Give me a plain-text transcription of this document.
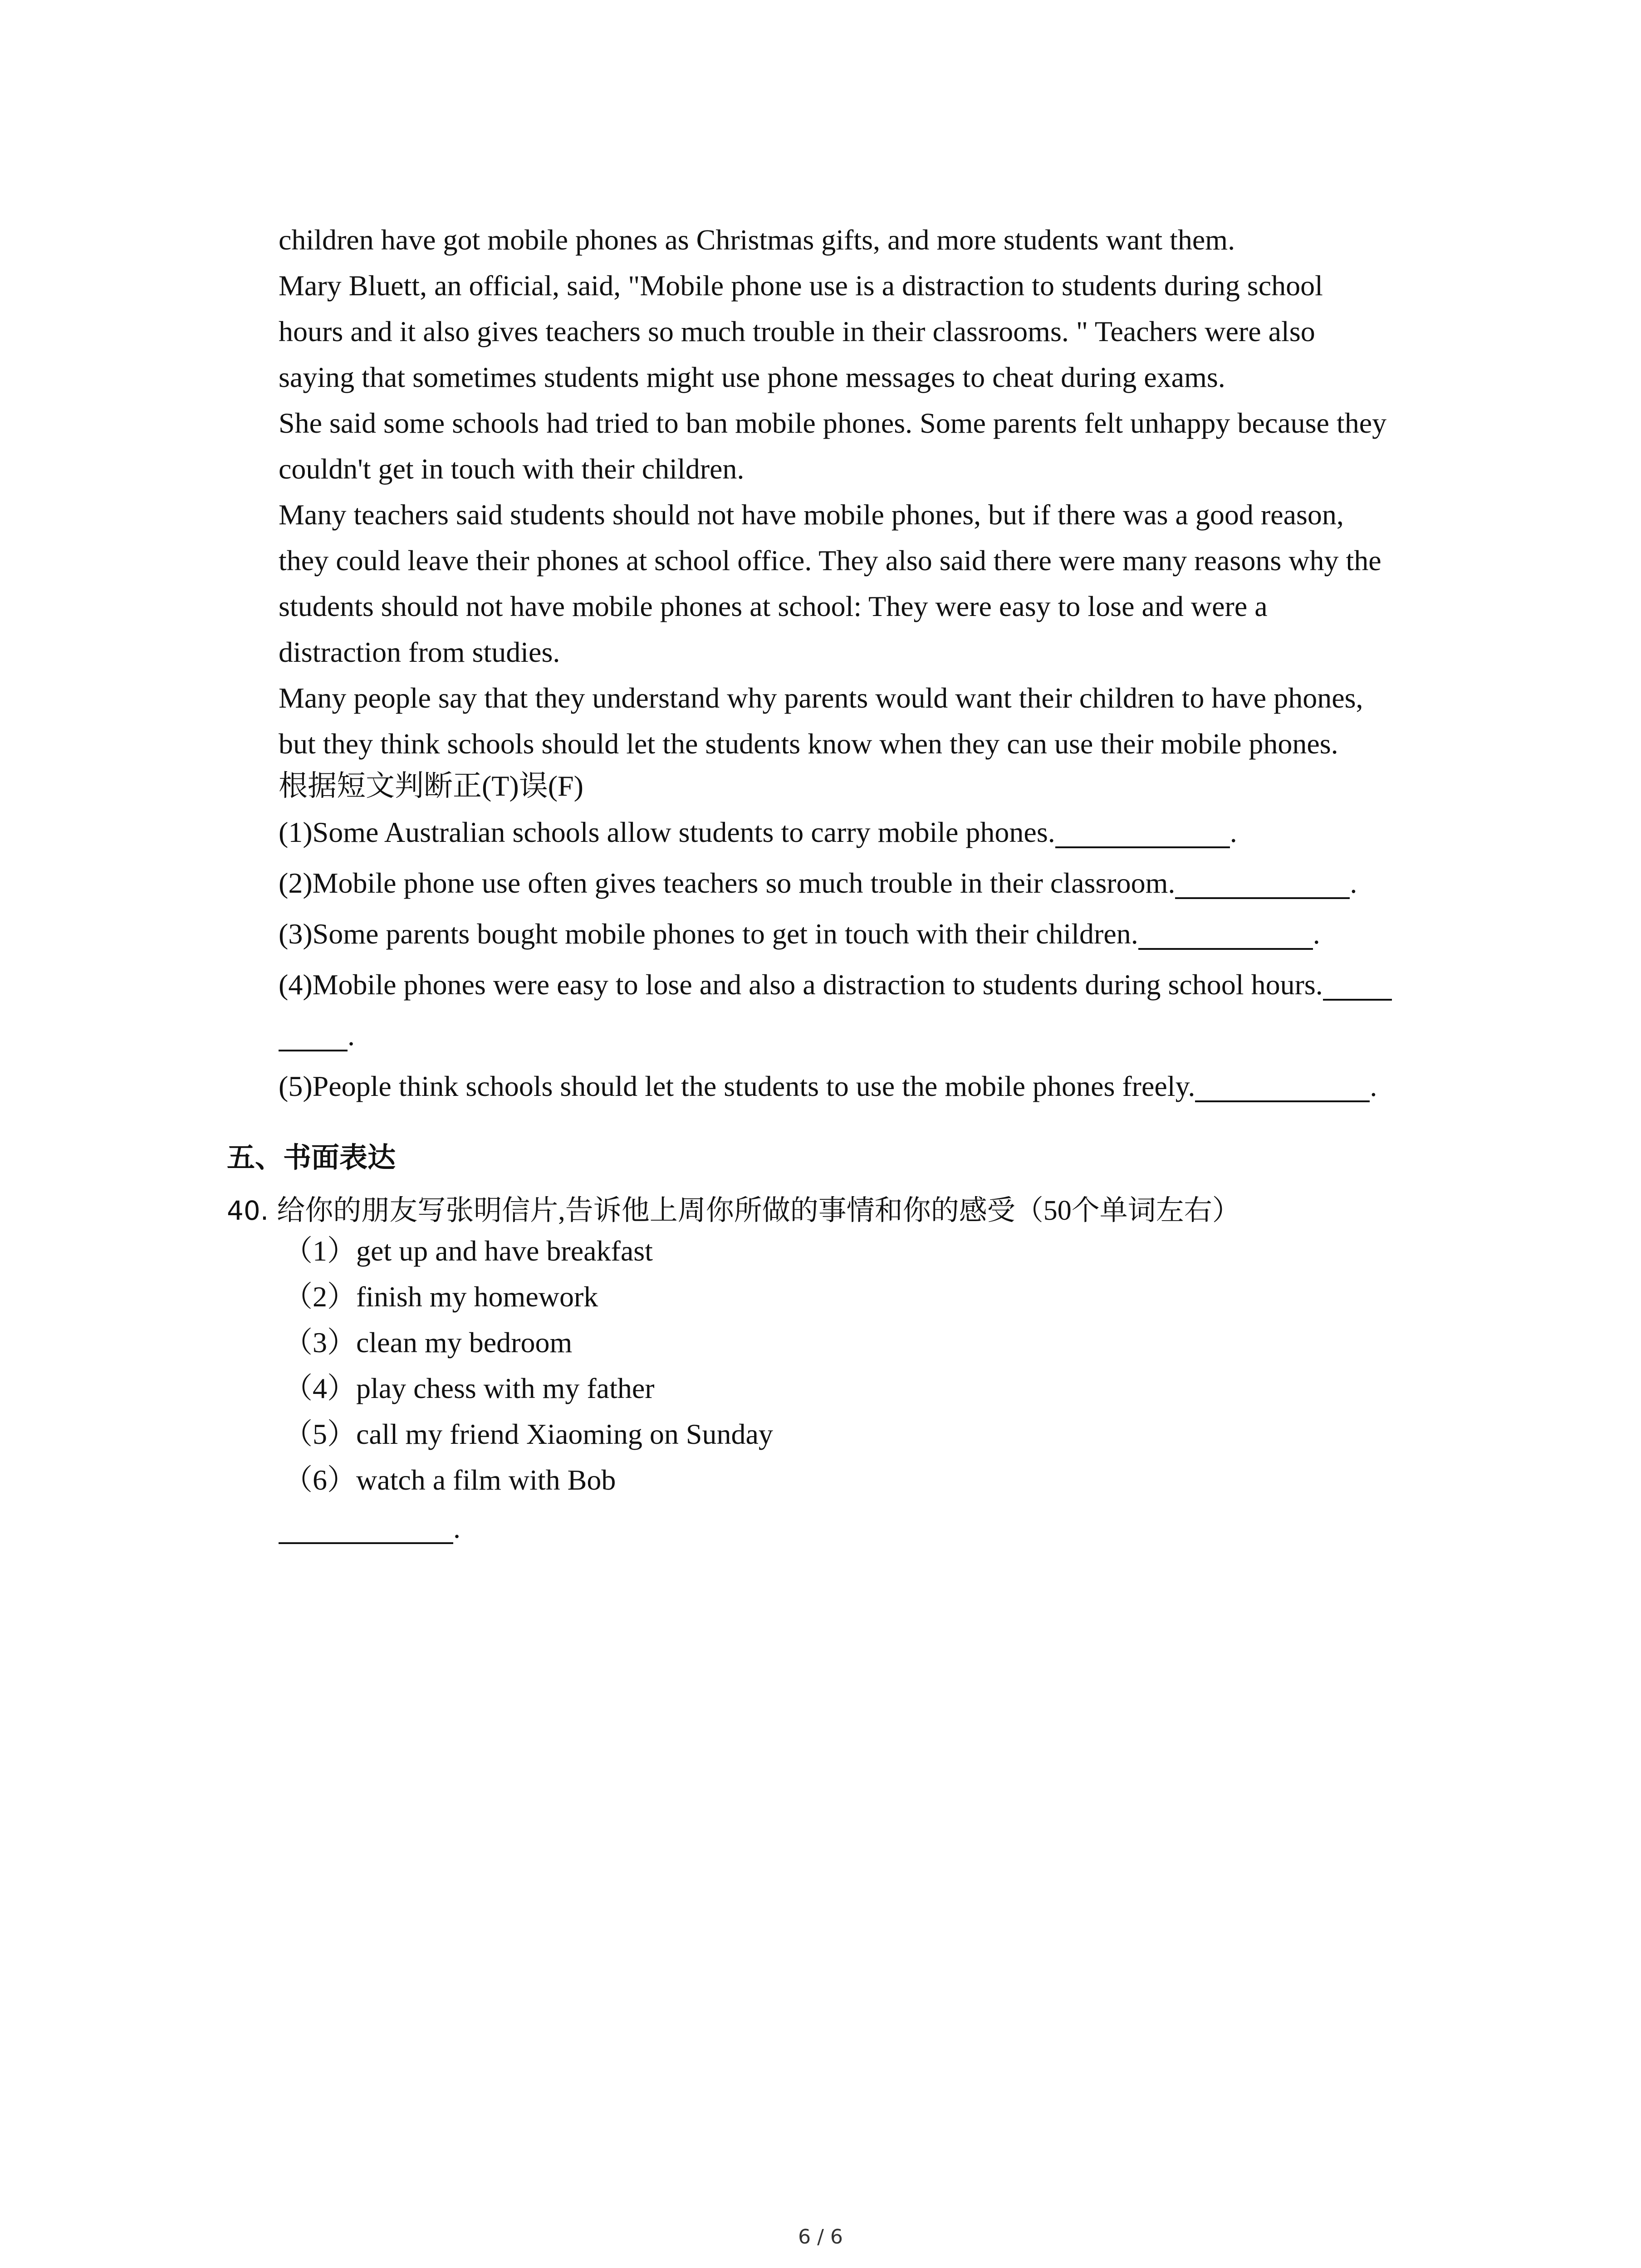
children have got mobile phones as Christmas gifts, and more students want them.

Mary Bluett, an official, said, "Mobile phone use is a distraction to students during school

hours and it also gives teachers so much trouble in their classrooms. " Teachers were also

saying that sometimes students might use phone messages to cheat during exams.

She said some schools had tried to ban mobile phones. Some parents felt unhappy because they

couldn't get in touch with their children.

Many teachers said students should not have mobile phones, but if there was a good reason,

they could leave their phones at school office. They also said there were many reasons why the

students should not have mobile phones at school: They were easy to lose and were a

distraction from studies.

Many people say that they understand why parents would want their children to have phones,

but they think schools should let the students know when they can use their mobile phones.

根据短文判断正(T)误(F)
(1)Some Australian schools allow students to carry mobile phones.	.
(2)Mobile phone use often gives teachers so much trouble in their classroom.	.
(3)Some parents bought mobile phones to get in touch with their children.	.
(4)Mobile phones were easy to lose and also a distraction to students during school hours.
.
(5)People think schools should let the students to use the mobile phones freely.	.
五、书面表达
40. 给你的朋友写张明信片,告诉他上周你所做的事情和你的感受（50个单词左右）
（1）get up and have breakfast
（2）finish my homework
（3）clean my bedroom
（4）play chess with my father
（5）call my friend Xiaoming on Sunday
（6）watch a film with Bob
.
6 / 6
